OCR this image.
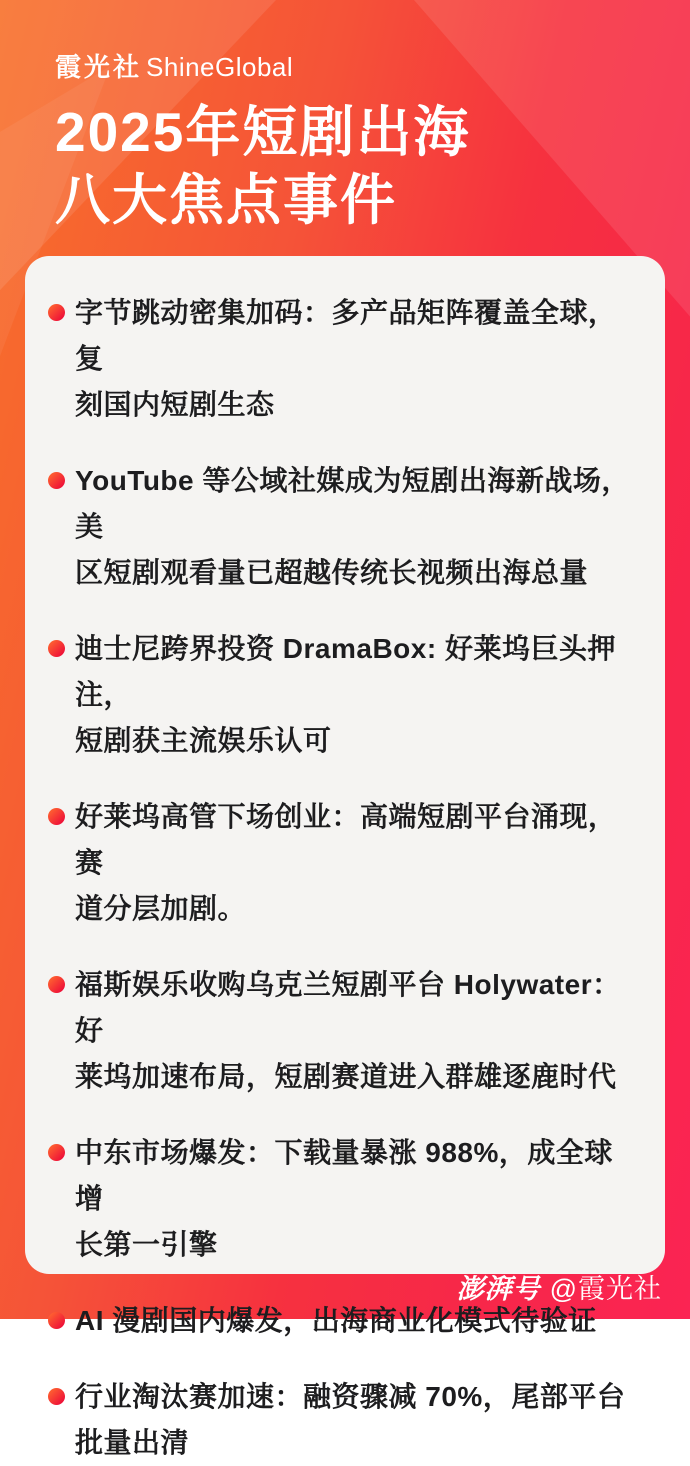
霞光社 ShineGlobal
2025年短剧出海
八大焦点事件

字节跳动密集加码：多产品矩阵覆盖全球，复
刻国内短剧生态

YouTube 等公域社媒成为短剧出海新战场，美
区短剧观看量已超越传统长视频出海总量

迪士尼跨界投资 DramaBox: 好莱坞巨头押注，
短剧获主流娱乐认可

好莱坞高管下场创业：高端短剧平台涌现，赛
道分层加剧。

福斯娱乐收购乌克兰短剧平台 Holywater：好
莱坞加速布局，短剧赛道进入群雄逐鹿时代

中东市场爆发：下载量暴涨 988%，成全球增
长第一引擎

AI 漫剧国内爆发，出海商业化模式待验证

行业淘汰赛加速：融资骤减 70%，尾部平台
批量出清

澎湃号 @霞光社
